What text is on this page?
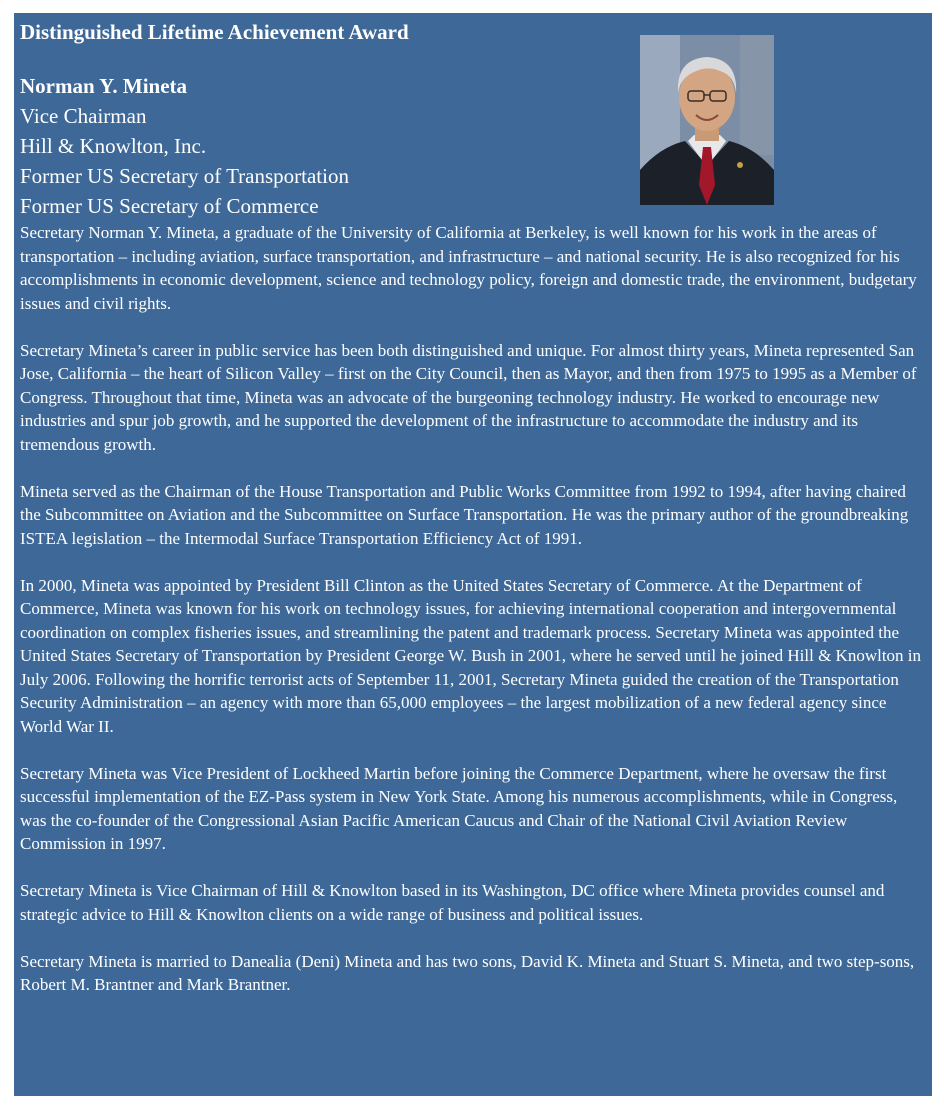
Distinguished Lifetime Achievement Award

Norman Y. Mineta

Vice Chairman

Hill & Knowlton, Inc.

Former US Secretary of Transportation

Former US Secretary of Commerce

Secretary Norman Y. Mineta, a graduate of the University of California at Berkeley, is well known for his work in the areas of transportation – including aviation, surface transportation, and infrastructure – and national security. He is also recognized for his accomplishments in economic development, science and technology policy, foreign and domestic trade, the environment, budgetary issues and civil rights.

Secretary Mineta’s career in public service has been both distinguished and unique. For almost thirty years, Mineta represented San Jose, California – the heart of Silicon Valley – first on the City Council, then as Mayor, and then from 1975 to 1995 as a Member of Congress. Throughout that time, Mineta was an advocate of the burgeoning technology industry. He worked to encourage new industries and spur job growth, and he supported the development of the infrastructure to accommodate the industry and its tremendous growth.

Mineta served as the Chairman of the House Transportation and Public Works Committee from 1992 to 1994, after having chaired the Subcommittee on Aviation and the Subcommittee on Surface Transportation. He was the primary author of the groundbreaking ISTEA legislation – the Intermodal Surface Transportation Efficiency Act of 1991.

In 2000, Mineta was appointed by President Bill Clinton as the United States Secretary of Commerce. At the Department of Commerce, Mineta was known for his work on technology issues, for achieving international cooperation and intergovernmental coordination on complex fisheries issues, and streamlining the patent and trademark process. Secretary Mineta was appointed the United States Secretary of Transportation by President George W. Bush in 2001, where he served until he joined Hill & Knowlton in July 2006. Following the horrific terrorist acts of September 11, 2001, Secretary Mineta guided the creation of the Transportation Security Administration – an agency with more than 65,000 employees – the largest mobilization of a new federal agency since World War II.

Secretary Mineta was Vice President of Lockheed Martin before joining the Commerce Department, where he oversaw the first successful implementation of the EZ-Pass system in New York State. Among his numerous accomplishments, while in Congress, was the co-founder of the Congressional Asian Pacific American Caucus and Chair of the National Civil Aviation Review Commission in 1997.

Secretary Mineta is Vice Chairman of Hill & Knowlton based in its Washington, DC office where Mineta provides counsel and strategic advice to Hill & Knowlton clients on a wide range of business and political issues.

Secretary Mineta is married to Danealia (Deni) Mineta and has two sons, David K. Mineta and Stuart S. Mineta, and two step-sons, Robert M. Brantner and Mark Brantner.
